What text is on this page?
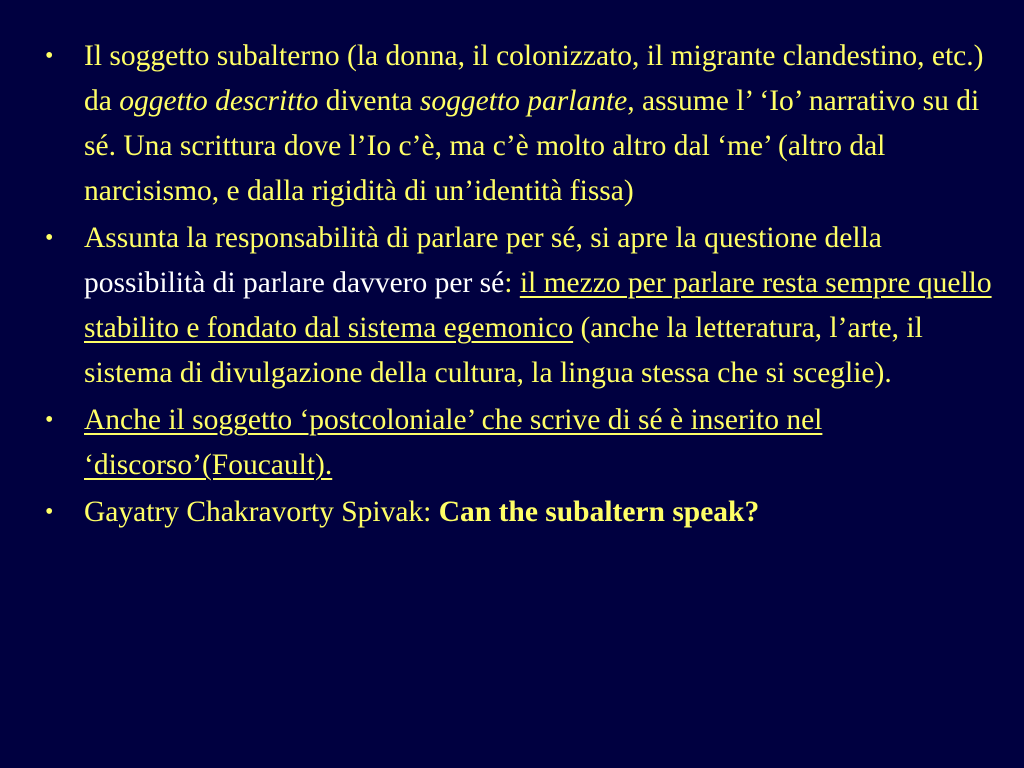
• Il soggetto subalterno (la donna, il colonizzato, il migrante clandestino, etc.) da oggetto descritto diventa soggetto parlante, assume l’ ‘Io’ narrativo su di sé. Una scrittura dove l’Io c’è, ma c’è molto altro dal ‘me’ (altro dal narcisismo, e dalla rigidità di un’identità fissa)
• Assunta la responsabilità di parlare per sé, si apre la questione della possibilità di parlare davvero per sé: il mezzo per parlare resta sempre quello stabilito e fondato dal sistema egemonico (anche la letteratura, l’arte, il sistema di divulgazione della cultura, la lingua stessa che si sceglie).
• Anche il soggetto ‘postcoloniale’ che scrive di sé è inserito nel ‘discorso’(Foucault).
• Gayatry Chakravorty Spivak: Can the subaltern speak?
